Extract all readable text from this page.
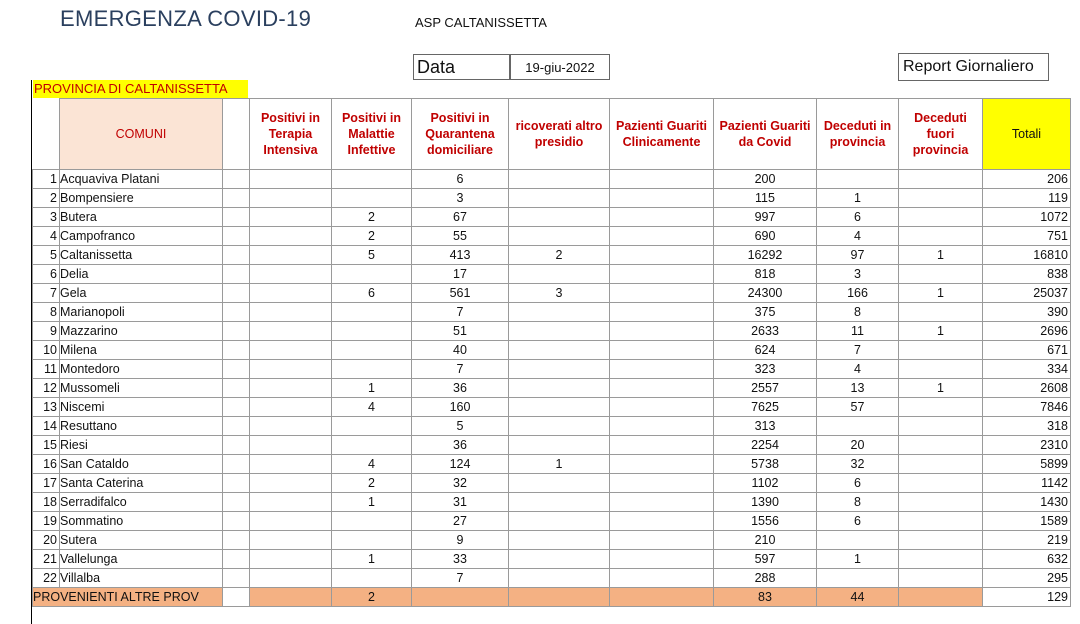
EMERGENZA COVID-19	ASP CALTANISSETTA
Data	19-giu-2022	Report Giornaliero
PROVINCIA DI CALTANISSETTA
	COMUNI		Positivi in Terapia Intensiva	Positivi in Malattie Infettive	Positivi in Quarantena domiciliare	ricoverati altro presidio	Pazienti Guariti Clinicamente	Pazienti Guariti da Covid	Deceduti in provincia	Deceduti fuori provincia	Totali
1	Acquaviva Platani				6			200			206
2	Bompensiere				3			115	1		119
3	Butera			2	67			997	6		1072
4	Campofranco			2	55			690	4		751
5	Caltanissetta			5	413	2		16292	97	1	16810
6	Delia				17			818	3		838
7	Gela			6	561	3		24300	166	1	25037
8	Marianopoli				7			375	8		390
9	Mazzarino				51			2633	11	1	2696
10	Milena				40			624	7		671
11	Montedoro				7			323	4		334
12	Mussomeli			1	36			2557	13	1	2608
13	Niscemi			4	160			7625	57		7846
14	Resuttano				5			313			318
15	Riesi				36			2254	20		2310
16	San Cataldo			4	124	1		5738	32		5899
17	Santa Caterina			2	32			1102	6		1142
18	Serradifalco			1	31			1390	8		1430
19	Sommatino				27			1556	6		1589
20	Sutera				9			210			219
21	Vallelunga			1	33			597	1		632
22	Villalba				7			288			295
PROVENIENTI ALTRE PROV				2				83	44		129
